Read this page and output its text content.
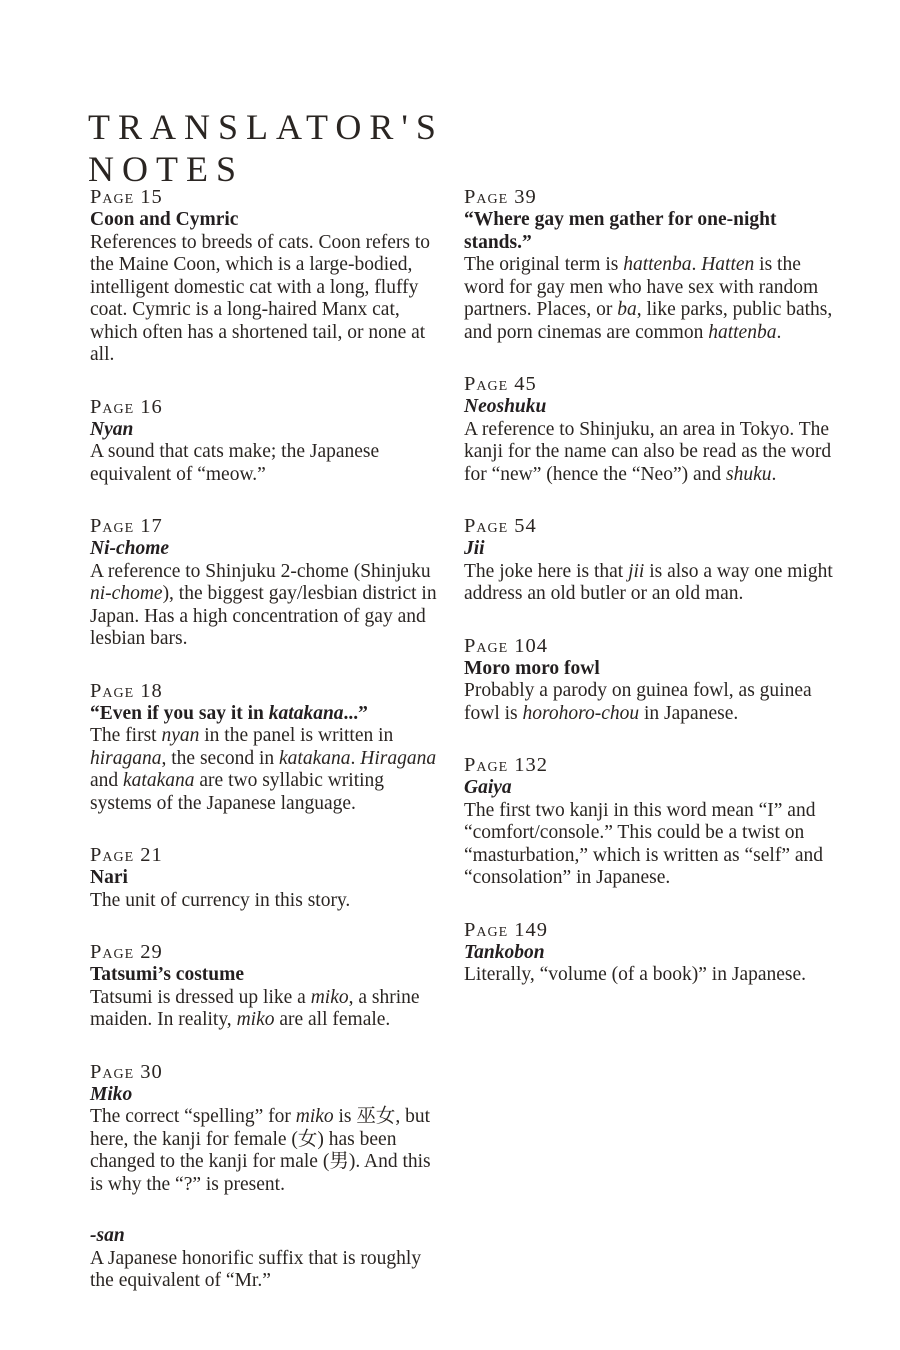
TRANSLATOR'S
NOTES
Page 15
Coon and Cymric

References to breeds of cats. Coon refers to the Maine Coon, which is a large-bodied, intelligent domestic cat with a long, fluffy coat. Cymric is a long-haired Manx cat, which often has a shortened tail, or none at all.

Page 16
Nyan

A sound that cats make; the Japanese equivalent of “meow.”

Page 17
Ni-chome

A reference to Shinjuku 2-chome (Shinjuku ni-chome), the biggest gay/lesbian district in Japan. Has a high concentration of gay and lesbian bars.

Page 18
“Even if you say it in katakana...”

The first nyan in the panel is written in hiragana, the second in katakana. Hiragana and katakana are two syllabic writing systems of the Japanese language.

Page 21
Nari

The unit of currency in this story.

Page 29
Tatsumi’s costume

Tatsumi is dressed up like a miko, a shrine maiden. In reality, miko are all female.

Page 30
Miko

The correct “spelling” for miko is 巫女, but here, the kanji for female (女) has been changed to the kanji for male (男). And this is why the “?” is present.

-san

A Japanese honorific suffix that is roughly the equivalent of “Mr.”

Page 39
“Where gay men gather for one-night stands.”

The original term is hattenba. Hatten is the word for gay men who have sex with random partners. Places, or ba, like parks, public baths, and porn cinemas are common hattenba.

Page 45
Neoshuku

A reference to Shinjuku, an area in Tokyo. The kanji for the name can also be read as the word for “new” (hence the “Neo”) and shuku.

Page 54
Jii

The joke here is that jii is also a way one might address an old butler or an old man.

Page 104
Moro moro fowl

Probably a parody on guinea fowl, as guinea fowl is horohoro-chou in Japanese.

Page 132
Gaiya

The first two kanji in this word mean “I” and “comfort/console.” This could be a twist on “masturbation,” which is written as “self” and “consolation” in Japanese.

Page 149
Tankobon

Literally, “volume (of a book)” in Japanese.
